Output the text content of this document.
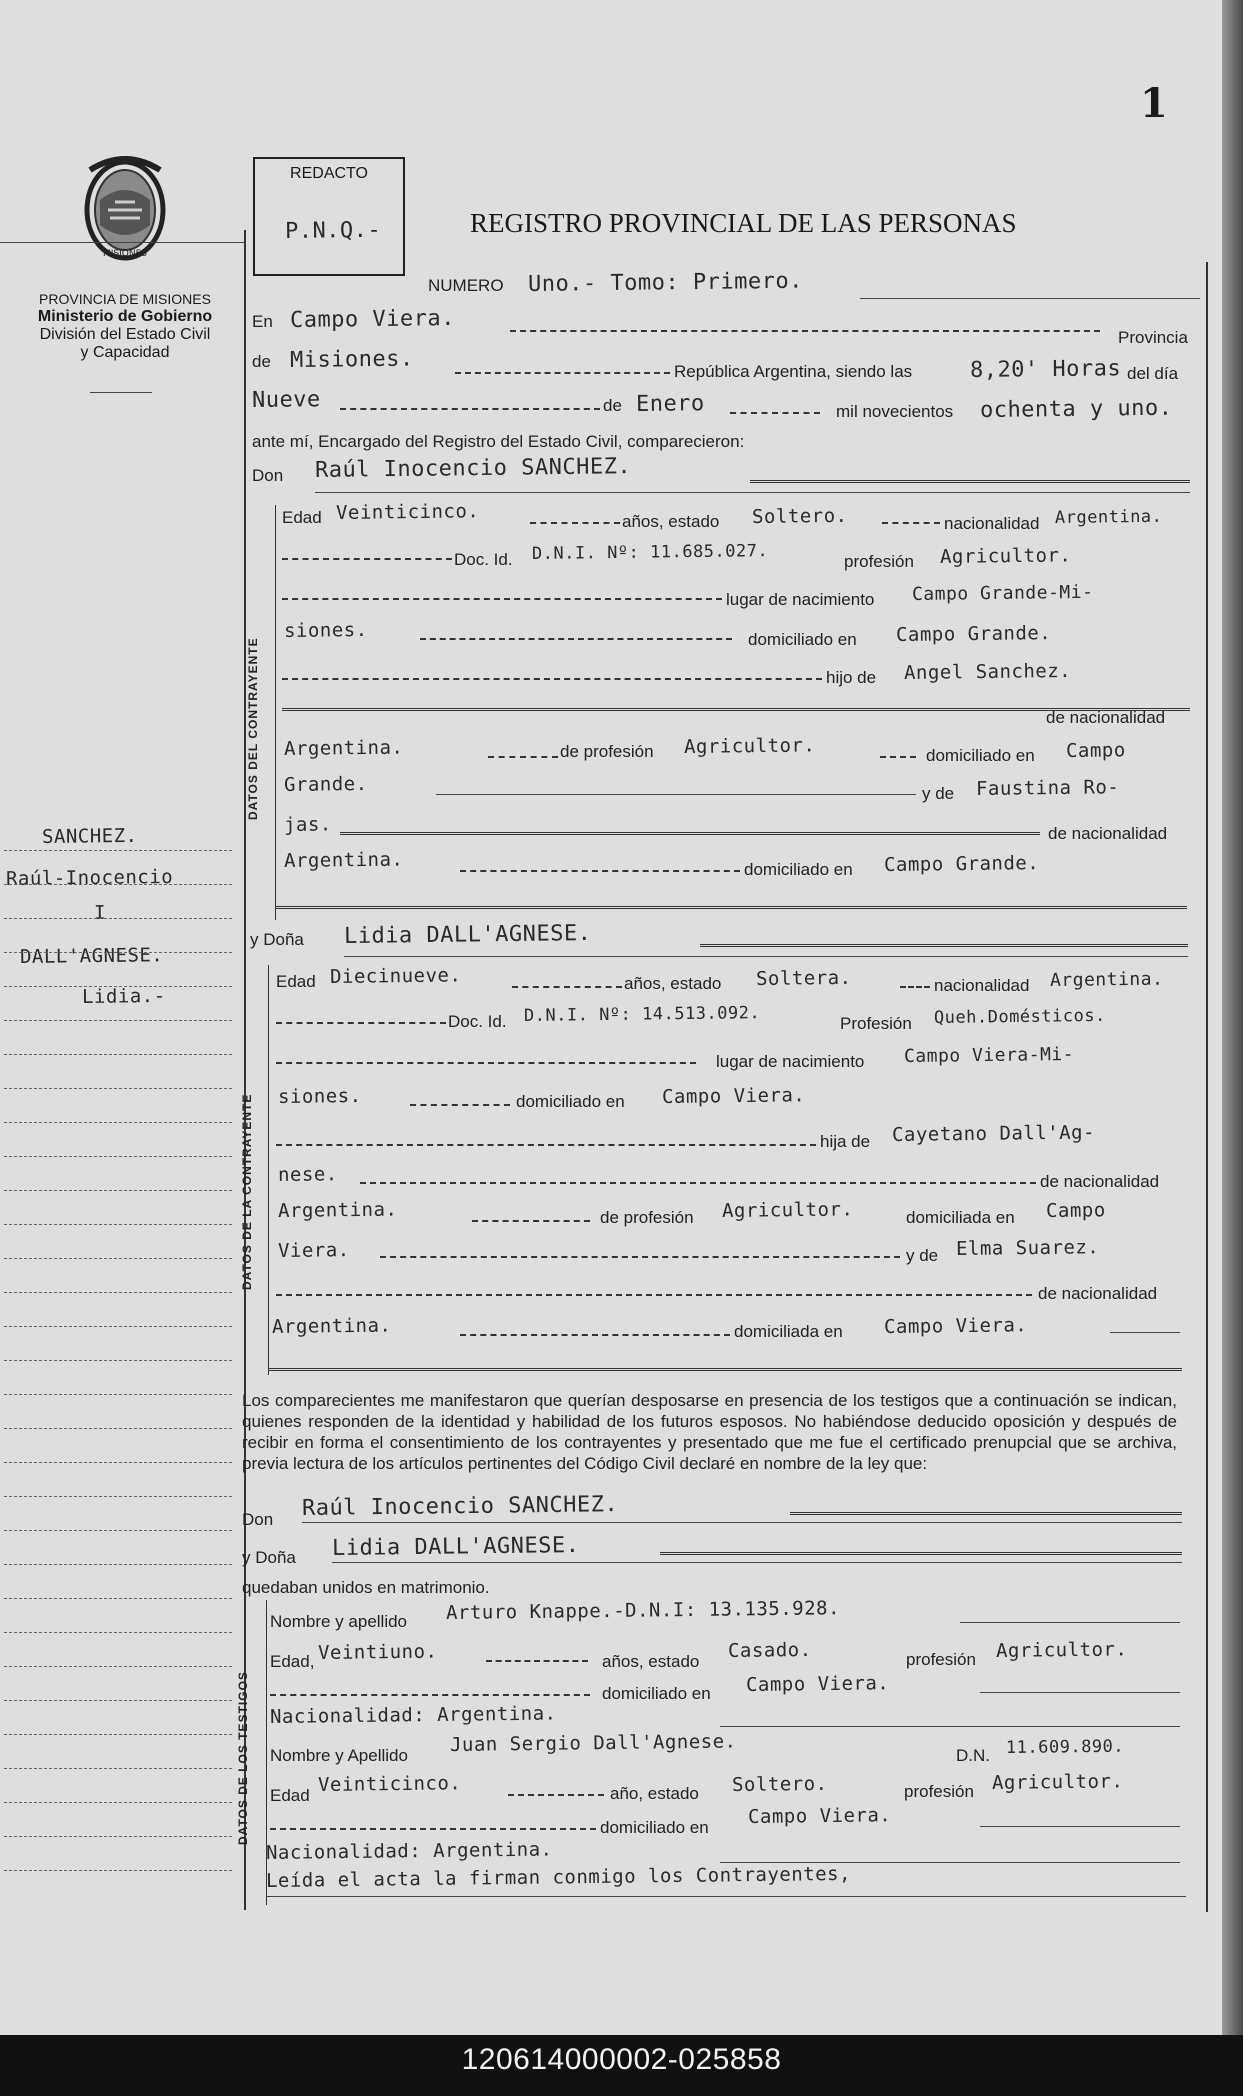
1
MISIONES
PROVINCIA DE MISIONES
Ministerio de Gobierno
División del Estado Civil
y Capacidad
REDACTO
P.N.Q.-	REGISTRO PROVINCIAL DE LAS PERSONAS
NUMERO Uno.- Tomo: Primero.
En Campo Viera.
Provincia
de Misiones.	República Argentina, siendo las	8,20' Horas del día
Nueve	de Enero	mil novecientos ochenta y uno.
ante mí, Encargado del Registro del Estado Civil, comparecieron:
Don Raúl Inocencio SANCHEZ.
DATOS DEL CONTRAYENTE
Edad Veinticinco.	años, estado Soltero.	nacionalidad Argentina.
Doc. Id. D.N.I. Nº: 11.685.027.	profesión Agricultor.
lugar de nacimiento Campo Grande-Mi-
siones.	domiciliado en Campo Grande.
hijo de Angel Sanchez.
de nacionalidad
Argentina.	de profesión Agricultor.	domiciliado en Campo
Grande.	y de Faustina Ro-
jas.	de nacionalidad
Argentina.	domiciliado en Campo Grande.
y Doña Lidia DALL'AGNESE.
DATOS DE LA CONTRAYENTE
Edad Diecinueve.	años, estado Soltera.	nacionalidad Argentina.
Doc. Id. D.N.I. Nº: 14.513.092.	Profesión Queh.Domésticos.
lugar de nacimiento Campo Viera-Mi-
siones.	domiciliado en Campo Viera.
hija de Cayetano Dall'Ag-
nese.	de nacionalidad
Argentina.	de profesión Agricultor.	domiciliada en Campo
Viera.	y de Elma Suarez.
de nacionalidad
Argentina.	domiciliada en Campo Viera.
Los comparecientes me manifestaron que querían desposarse en presencia de los testigos que a continuación se indican, quienes responden de la identidad y habilidad de los futuros esposos. No habiéndose deducido oposición y después de recibir en forma el consentimiento de los contrayentes y presentado que me fue el certificado prenupcial que se archiva, previa lectura de los artículos pertinentes del Código Civil declaré en nombre de la ley que:
Don Raúl Inocencio SANCHEZ.
y Doña Lidia DALL'AGNESE.
quedaban unidos en matrimonio.
DATOS DE LOS TESTIGOS
Nombre y apellido Arturo Knappe.-D.N.I: 13.135.928.
Edad, Veintiuno.	años, estado Casado.	profesión Agricultor.
domiciliado en Campo Viera.
Nacionalidad: Argentina.
Nombre y Apellido Juan Sergio Dall'Agnese.	D.N. 11.609.890.
Edad Veinticinco.	año, estado Soltero.	profesión Agricultor.
domiciliado en Campo Viera.
Nacionalidad: Argentina.
Leída el acta la firman conmigo los Contrayentes,
SANCHEZ.
Raúl-Inocencio
I
DALL'AGNESE.
Lidia.-
120614000002-025858
